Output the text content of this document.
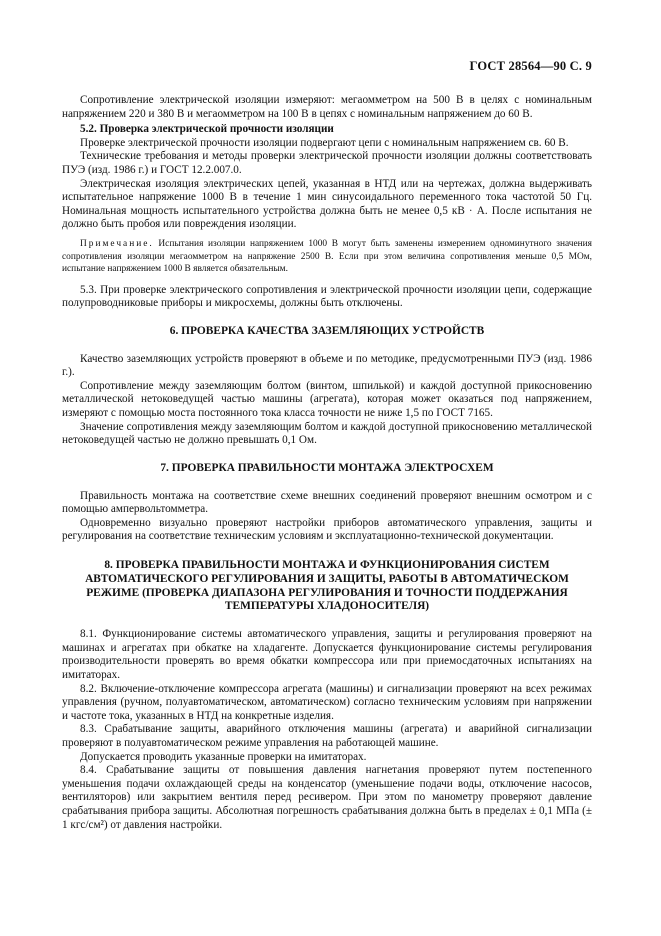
ГОСТ 28564—90 С. 9

Сопротивление электрической изоляции измеряют: мегаомметром на 500 В в целях с номинальным напряжением 220 и 380 В и мегаомметром на 100 В в цепях с номинальным напряжением до 60 В.

5.2. Проверка электрической прочности изоляции

Проверке электрической прочности изоляции подвергают цепи с номинальным напряжением св. 60 В.

Технические требования и методы проверки электрической прочности изоляции должны соответствовать ПУЭ (изд. 1986 г.) и ГОСТ 12.2.007.0.

Электрическая изоляция электрических цепей, указанная в НТД или на чертежах, должна выдерживать испытательное напряжение 1000 В в течение 1 мин синусоидального переменного тока частотой 50 Гц. Номинальная мощность испытательного устройства должна быть не менее 0,5 кВ · А. После испытания не должно быть пробоя или повреждения изоляции.

Примечание. Испытания изоляции напряжением 1000 В могут быть заменены измерением одноминутного значения сопротивления изоляции мегаомметром на напряжение 2500 В. Если при этом величина сопротивления меньше 0,5 МОм, испытание напряжением 1000 В является обязательным.

5.3. При проверке электрического сопротивления и электрической прочности изоляции цепи, содержащие полупроводниковые приборы и микросхемы, должны быть отключены.

6. ПРОВЕРКА КАЧЕСТВА ЗАЗЕМЛЯЮЩИХ УСТРОЙСТВ

Качество заземляющих устройств проверяют в объеме и по методике, предусмотренными ПУЭ (изд. 1986 г.).

Сопротивление между заземляющим болтом (винтом, шпилькой) и каждой доступной прикосновению металлической нетоковедущей частью машины (агрегата), которая может оказаться под напряжением, измеряют с помощью моста постоянного тока класса точности не ниже 1,5 по ГОСТ 7165.

Значение сопротивления между заземляющим болтом и каждой доступной прикосновению металлической нетоковедущей частью не должно превышать 0,1 Ом.

7. ПРОВЕРКА ПРАВИЛЬНОСТИ МОНТАЖА ЭЛЕКТРОСХЕМ

Правильность монтажа на соответствие схеме внешних соединений проверяют внешним осмотром и с помощью ампервольтомметра.

Одновременно визуально проверяют настройки приборов автоматического управления, защиты и регулирования на соответствие техническим условиям и эксплуатационно-технической документации.

8. ПРОВЕРКА ПРАВИЛЬНОСТИ МОНТАЖА И ФУНКЦИОНИРОВАНИЯ СИСТЕМ АВТОМАТИЧЕСКОГО РЕГУЛИРОВАНИЯ И ЗАЩИТЫ, РАБОТЫ В АВТОМАТИЧЕСКОМ РЕЖИМЕ (ПРОВЕРКА ДИАПАЗОНА РЕГУЛИРОВАНИЯ И ТОЧНОСТИ ПОДДЕРЖАНИЯ ТЕМПЕРАТУРЫ ХЛАДОНОСИТЕЛЯ)

8.1. Функционирование системы автоматического управления, защиты и регулирования проверяют на машинах и агрегатах при обкатке на хладагенте. Допускается функционирование системы регулирования производительности проверять во время обкатки компрессора или при приемосдаточных испытаниях на имитаторах.

8.2. Включение-отключение компрессора агрегата (машины) и сигнализации проверяют на всех режимах управления (ручном, полуавтоматическом, автоматическом) согласно техническим условиям при напряжении и частоте тока, указанных в НТД на конкретные изделия.

8.3. Срабатывание защиты, аварийного отключения машины (агрегата) и аварийной сигнализации проверяют в полуавтоматическом режиме управления на работающей машине.

Допускается проводить указанные проверки на имитаторах.

8.4. Срабатывание защиты от повышения давления нагнетания проверяют путем постепенного уменьшения подачи охлаждающей среды на конденсатор (уменьшение подачи воды, отключение насосов, вентиляторов) или закрытием вентиля перед ресивером. При этом по манометру проверяют давление срабатывания прибора защиты. Абсолютная погрешность срабатывания должна быть в пределах ± 0,1 МПа (± 1 кгс/см²) от давления настройки.
